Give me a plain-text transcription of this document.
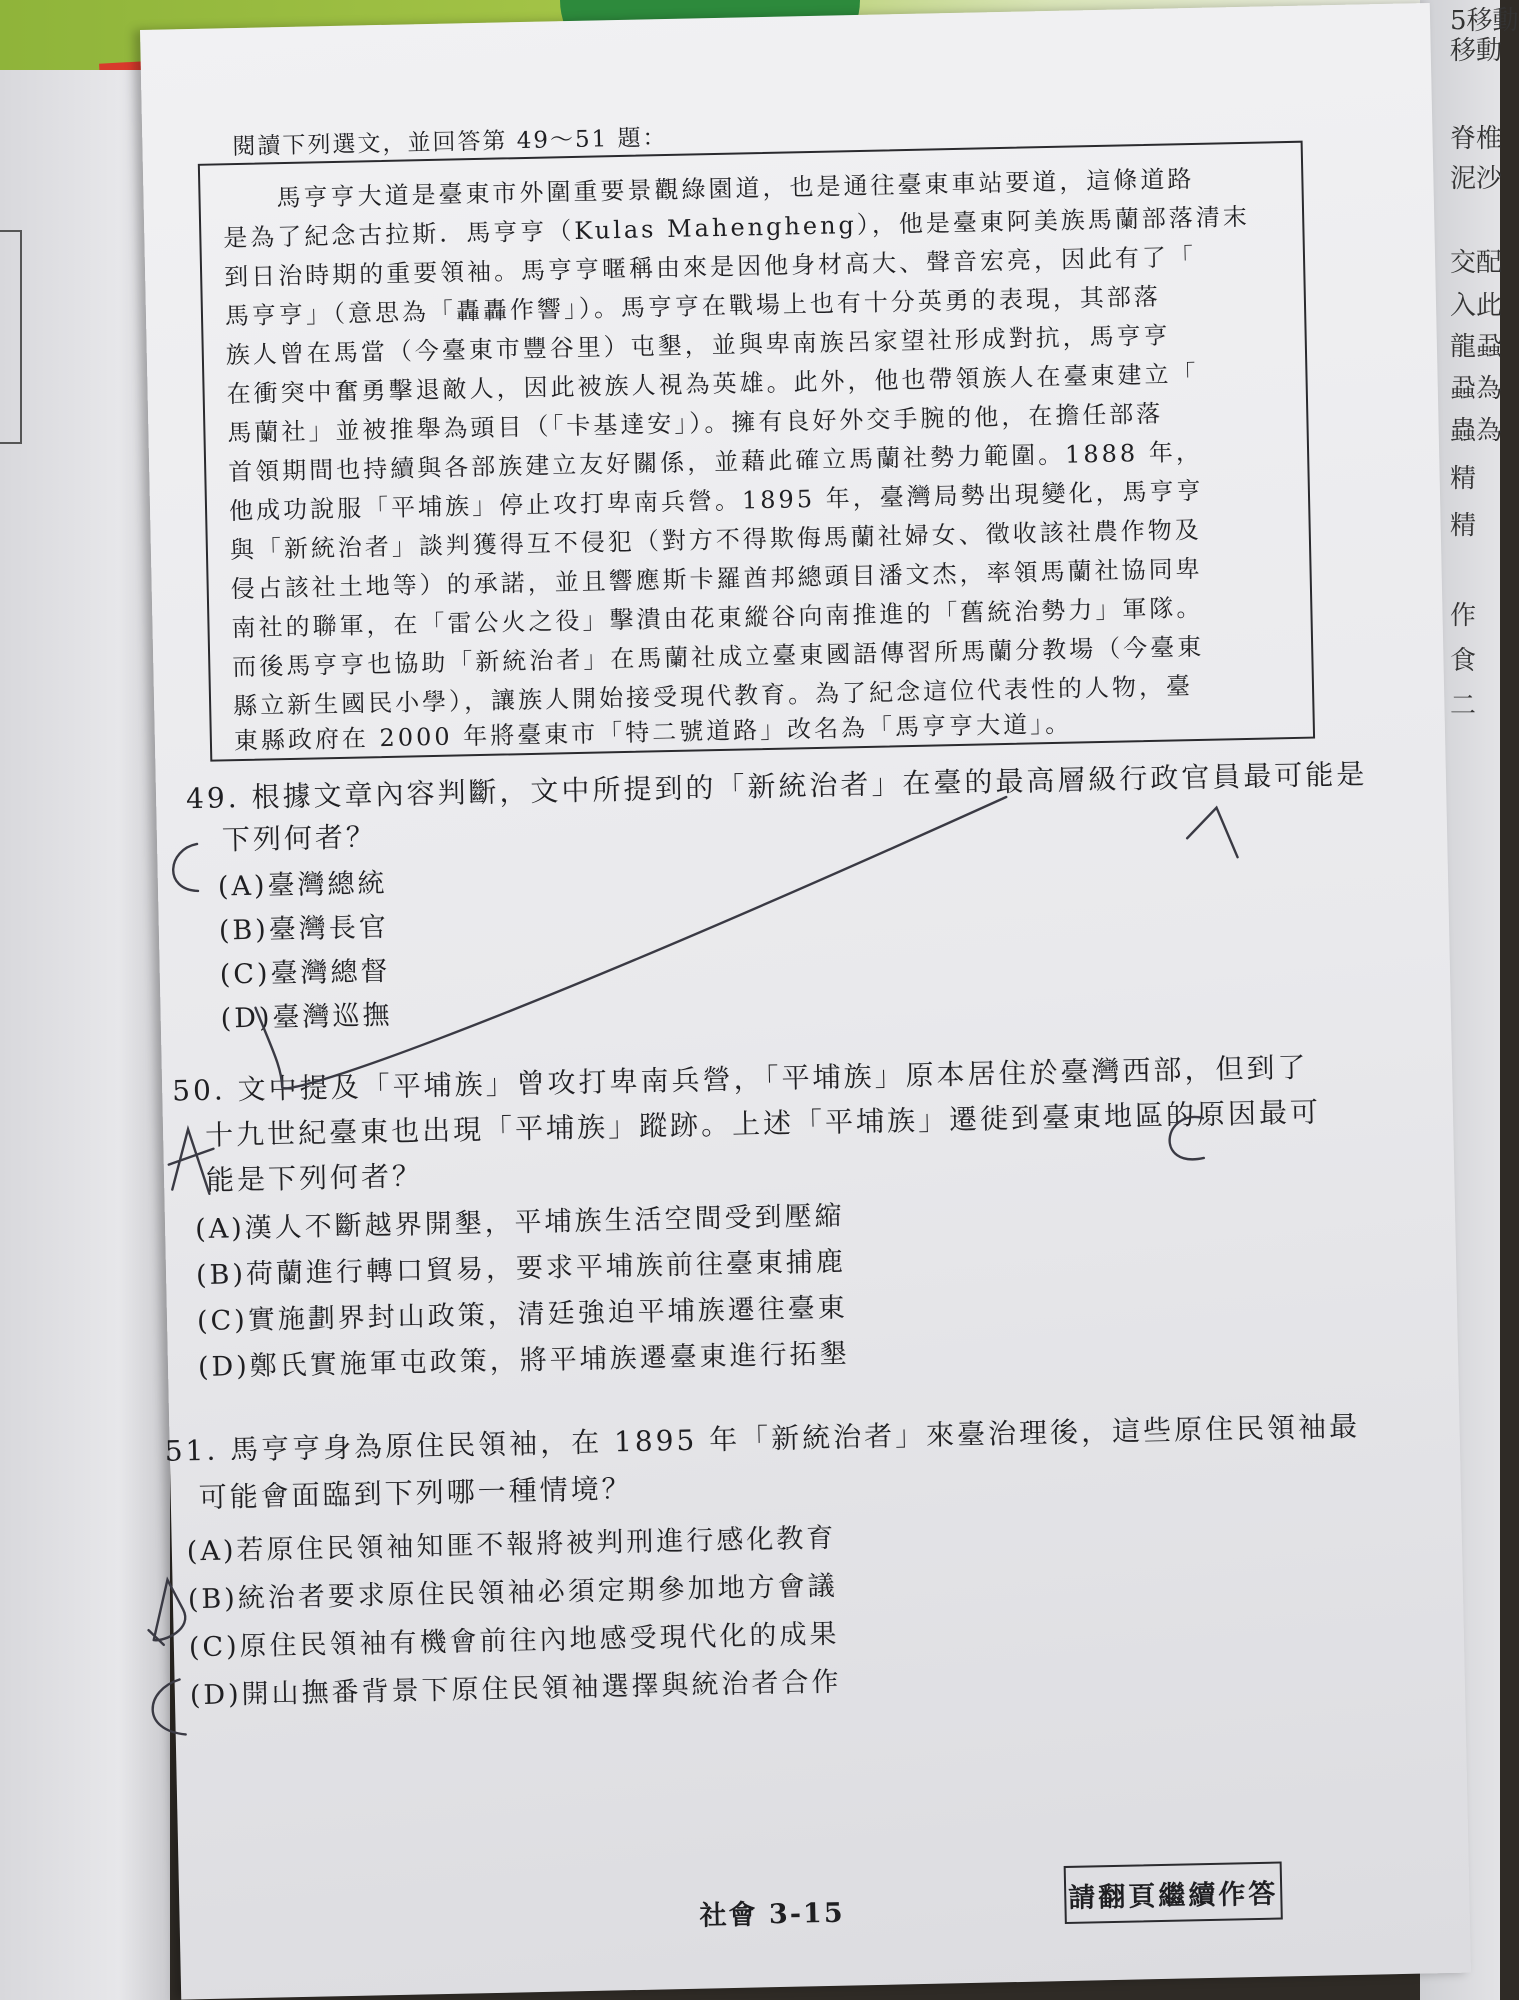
5移動
移動
脊椎
泥沙
交配
入此
龍蝨
蝨為
蟲為
精
精
作
食
二
閱讀下列選文，並回答第 49～51 題：
　　馬亨亨大道是臺東市外圍重要景觀綠園道，也是通往臺東車站要道，這條道路
是為了紀念古拉斯．馬亨亨（Kulas Mahengheng），他是臺東阿美族馬蘭部落清末
到日治時期的重要領袖。馬亨亨暱稱由來是因他身材高大、聲音宏亮，因此有了「
馬亨亨」（意思為「轟轟作響」）。馬亨亨在戰場上也有十分英勇的表現，其部落
族人曾在馬當（今臺東市豐谷里）屯墾，並與卑南族呂家望社形成對抗，馬亨亨
在衝突中奮勇擊退敵人，因此被族人視為英雄。此外，他也帶領族人在臺東建立「
馬蘭社」並被推舉為頭目（「卡基達安」）。擁有良好外交手腕的他，在擔任部落
首領期間也持續與各部族建立友好關係，並藉此確立馬蘭社勢力範圍。1888 年，
他成功說服「平埔族」停止攻打卑南兵營。1895 年，臺灣局勢出現變化，馬亨亨
與「新統治者」談判獲得互不侵犯（對方不得欺侮馬蘭社婦女、徵收該社農作物及
侵占該社土地等）的承諾，並且響應斯卡羅酋邦總頭目潘文杰，率領馬蘭社協同卑
南社的聯軍，在「雷公火之役」擊潰由花東縱谷向南推進的「舊統治勢力」軍隊。
而後馬亨亨也協助「新統治者」在馬蘭社成立臺東國語傳習所馬蘭分教場（今臺東
縣立新生國民小學），讓族人開始接受現代教育。為了紀念這位代表性的人物，臺
東縣政府在 2000 年將臺東市「特二號道路」改名為「馬亨亨大道」。
49. 根據文章內容判斷，文中所提到的「新統治者」在臺的最高層級行政官員最可能是
下列何者？
(A)臺灣總統
(B)臺灣長官
(C)臺灣總督
(D)臺灣巡撫
50. 文中提及「平埔族」曾攻打卑南兵營，「平埔族」原本居住於臺灣西部，但到了
十九世紀臺東也出現「平埔族」蹤跡。上述「平埔族」遷徙到臺東地區的原因最可
能是下列何者？
(A)漢人不斷越界開墾，平埔族生活空間受到壓縮
(B)荷蘭進行轉口貿易，要求平埔族前往臺東捕鹿
(C)實施劃界封山政策，清廷強迫平埔族遷往臺東
(D)鄭氏實施軍屯政策，將平埔族遷臺東進行拓墾
51. 馬亨亨身為原住民領袖，在 1895 年「新統治者」來臺治理後，這些原住民領袖最
可能會面臨到下列哪一種情境？
(A)若原住民領袖知匪不報將被判刑進行感化教育
(B)統治者要求原住民領袖必須定期參加地方會議
(C)原住民領袖有機會前往內地感受現代化的成果
(D)開山撫番背景下原住民領袖選擇與統治者合作
社會 3-15
請翻頁繼續作答
